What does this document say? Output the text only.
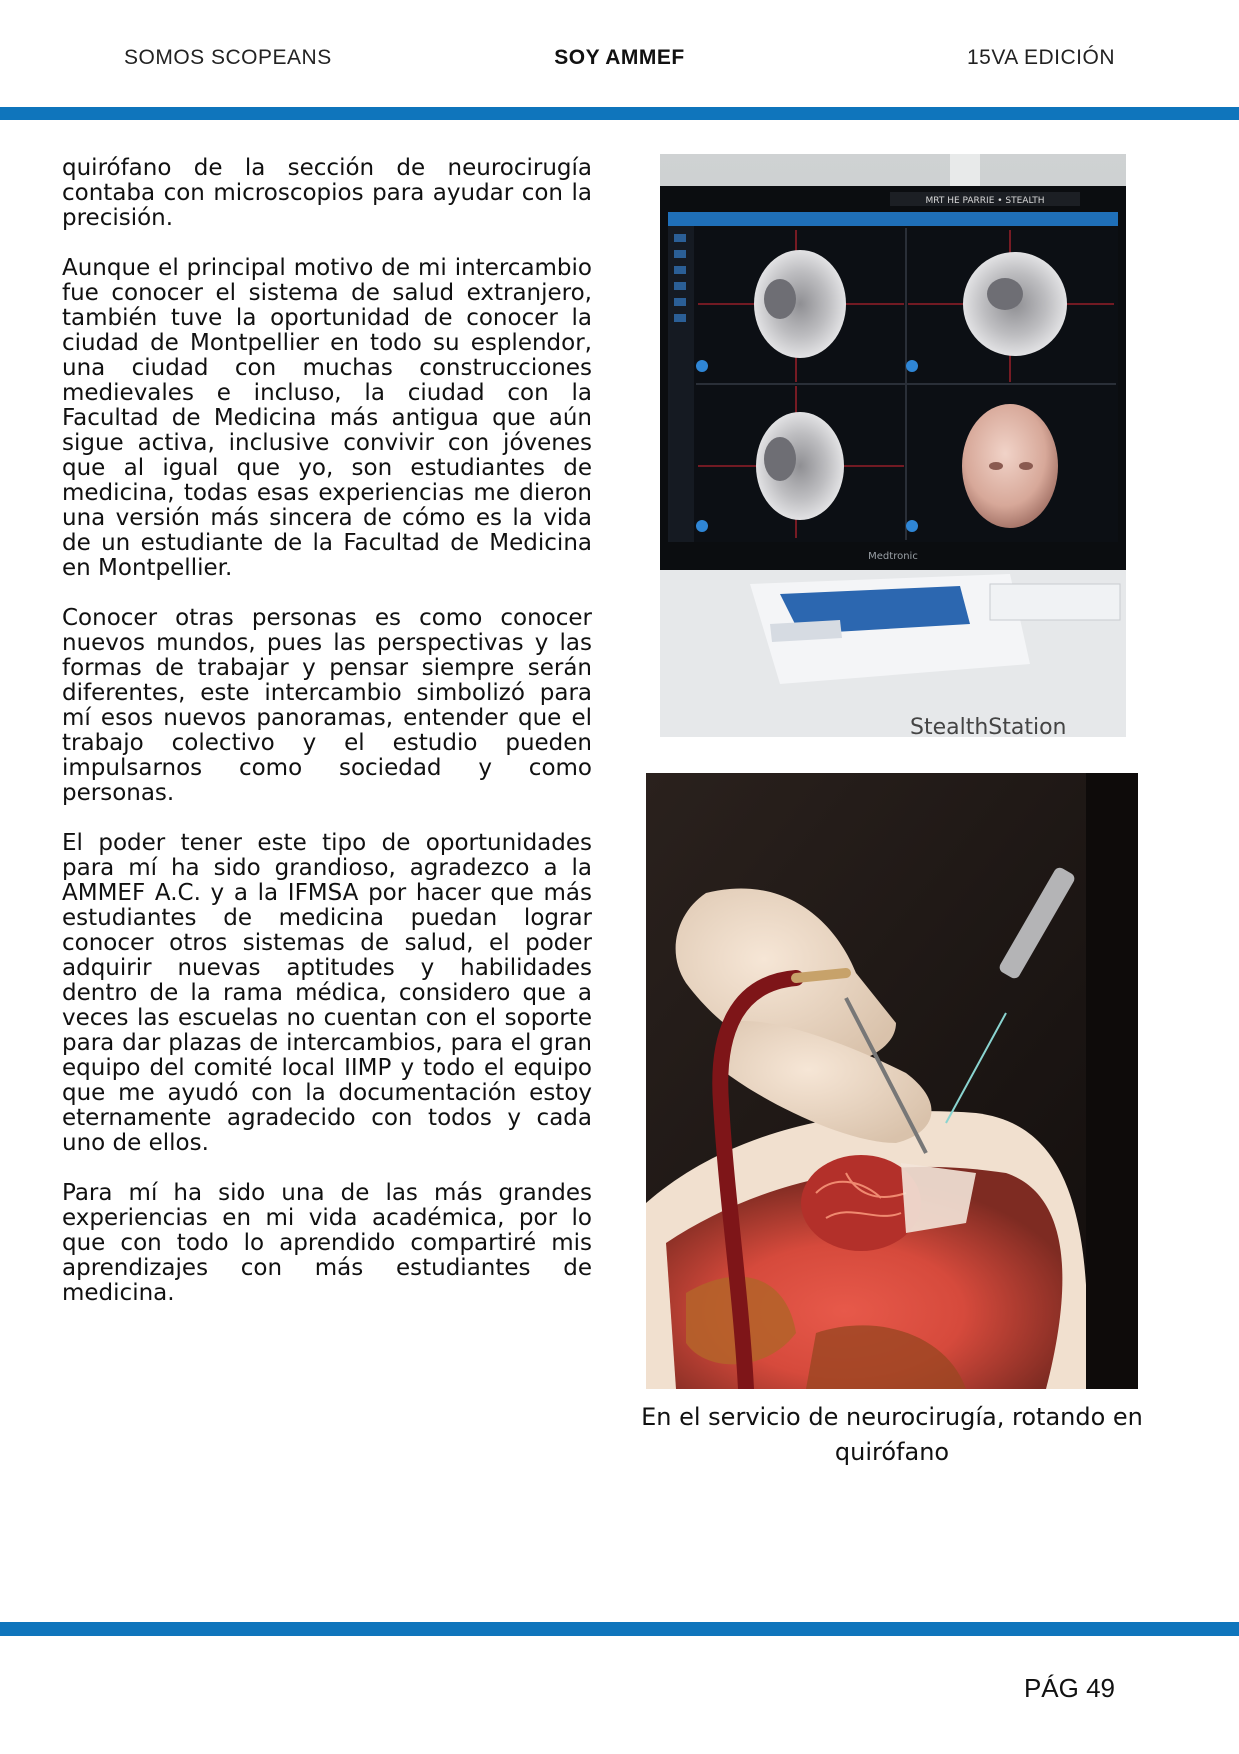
SOMOS SCOPEANS	SOY AMMEF	15VA EDICIÓN

quirófano de la sección de neurocirugía contaba con microscopios para ayudar con la precisión.

Aunque el principal motivo de mi intercambio fue conocer el sistema de salud extranjero, también tuve la oportunidad de conocer la ciudad de Montpellier en todo su esplendor, una ciudad con muchas construcciones medievales e incluso, la ciudad con la Facultad de Medicina más antigua que aún sigue activa, inclusive convivir con jóvenes que al igual que yo, son estudiantes de medicina, todas esas experiencias me dieron una versión más sincera de cómo es la vida de un estudiante de la Facultad de Medicina en Montpellier.

Conocer otras personas es como conocer nuevos mundos, pues las perspectivas y las formas de trabajar y pensar siempre serán diferentes, este intercambio simbolizó para mí esos nuevos panoramas, entender que el trabajo colectivo y el estudio pueden impulsarnos como sociedad y como personas.

El poder tener este tipo de oportunidades para mí ha sido grandioso, agradezco a la AMMEF A.C. y a la IFMSA por hacer que más estudiantes de medicina puedan lograr conocer otros sistemas de salud, el poder adquirir nuevas aptitudes y habilidades dentro de la rama médica, considero que a veces las escuelas no cuentan con el soporte para dar plazas de intercambios, para el gran equipo del comité local IIMP y todo el equipo que me ayudó con la documentación estoy eternamente agradecido con todos y cada uno de ellos.

Para mí ha sido una de las más grandes experiencias en mi vida académica, por lo que con todo lo aprendido compartiré mis aprendizajes con más estudiantes de medicina.

MRT HE PARRIE • STEALTH
Medtronic
StealthStation
En el servicio de neurocirugía, rotando en quirófano
PÁG 49
